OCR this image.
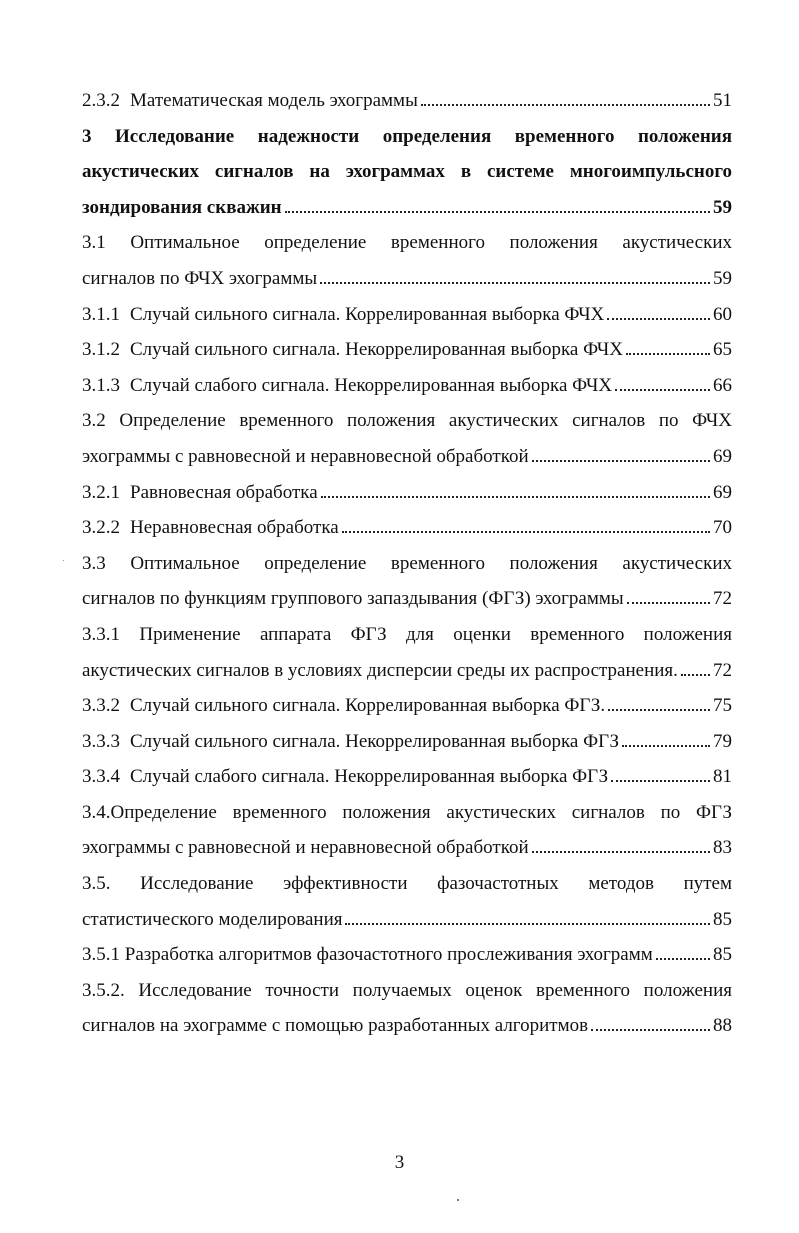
2.3.2 Математическая модель эхограммы	51
3 Исследование надежности определения временного положения акустических сигналов на эхограммах в системе многоимпульсного
зондирования скважин	59
3.1 Оптимальное определение временного положения акустических
сигналов по ФЧХ эхограммы	59
3.1.1 Случай сильного сигнала. Коррелированная выборка ФЧХ	60
3.1.2 Случай сильного сигнала. Некоррелированная выборка ФЧХ	65
3.1.3 Случай слабого сигнала. Некоррелированная выборка ФЧХ	66
3.2 Определение временного положения акустических сигналов по ФЧХ
эхограммы с равновесной и неравновесной обработкой	69
3.2.1 Равновесная обработка	69
3.2.2 Неравновесная обработка	70
3.3 Оптимальное определение временного положения акустических
сигналов по функциям группового запаздывания (ФГЗ) эхограммы	72
3.3.1 Применение аппарата ФГЗ для оценки временного положения
акустических сигналов в условиях дисперсии среды их распространения. 72
3.3.2 Случай сильного сигнала. Коррелированная выборка ФГЗ.	75
3.3.3 Случай сильного сигнала. Некоррелированная выборка ФГЗ	79
3.3.4 Случай слабого сигнала. Некоррелированная выборка ФГЗ	81
3.4.Определение временного положения акустических сигналов по ФГЗ
эхограммы с равновесной и неравновесной обработкой	83
3.5. Исследование эффективности фазочастотных методов путем
статистического моделирования	85
3.5.1 Разработка алгоритмов фазочастотного прослеживания эхограмм	85
3.5.2. Исследование точности получаемых оценок временного положения
сигналов на эхограмме с помощью разработанных алгоритмов	88
3
